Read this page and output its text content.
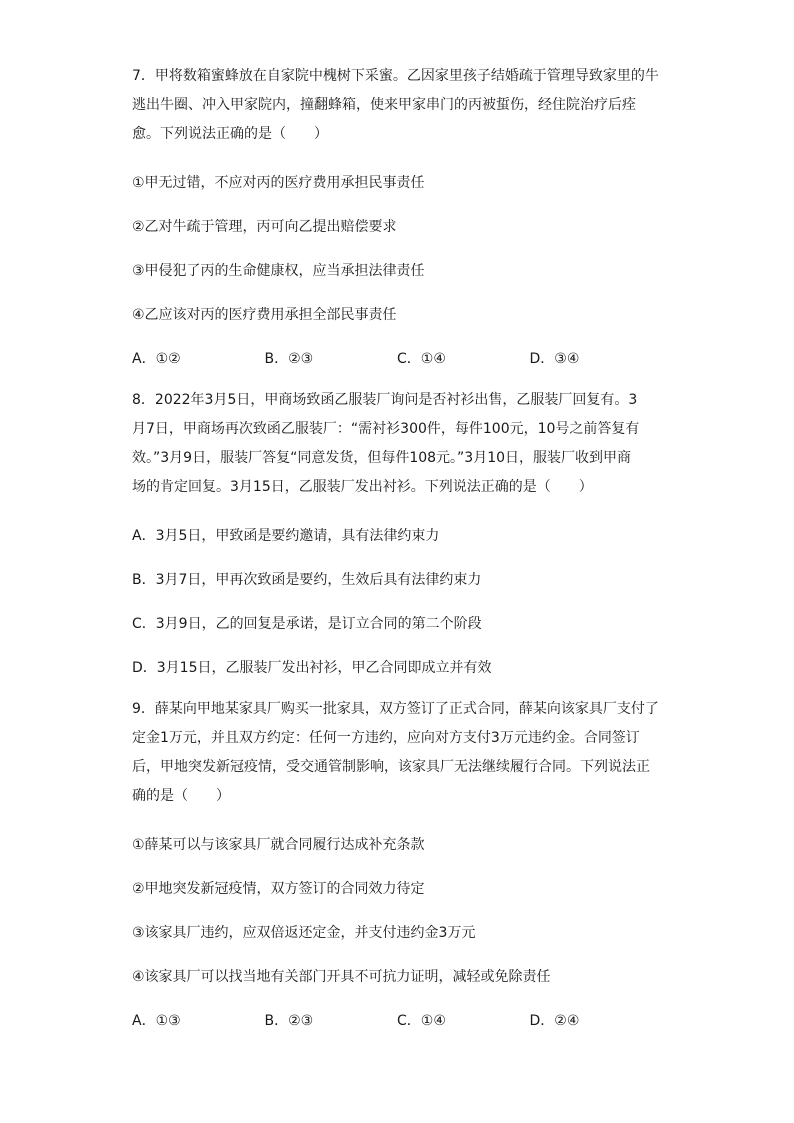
7．甲将数箱蜜蜂放在自家院中槐树下采蜜。乙因家里孩子结婚疏于管理导致家里的牛
逃出牛圈、冲入甲家院内，撞翻蜂箱，使来甲家串门的丙被蜇伤，经住院治疗后痊
愈。下列说法正确的是（　　）
①甲无过错，不应对丙的医疗费用承担民事责任
②乙对牛疏于管理，丙可向乙提出赔偿要求
③甲侵犯了丙的生命健康权，应当承担法律责任
④乙应该对丙的医疗费用承担全部民事责任
A．①②	B．②③	C．①④	D．③④
8．2022年3月5日，甲商场致函乙服装厂询问是否衬衫出售，乙服装厂回复有。3
月7日，甲商场再次致函乙服装厂：“需衬衫300件，每件100元，10号之前答复有
效。”3月9日，服装厂答复“同意发货，但每件108元。”3月10日，服装厂收到甲商
场的肯定回复。3月15日，乙服装厂发出衬衫。下列说法正确的是（　　）
A．3月5日，甲致函是要约邀请，具有法律约束力
B．3月7日，甲再次致函是要约，生效后具有法律约束力
C．3月9日，乙的回复是承诺，是订立合同的第二个阶段
D．3月15日，乙服装厂发出衬衫，甲乙合同即成立并有效
9．薛某向甲地某家具厂购买一批家具，双方签订了正式合同，薛某向该家具厂支付了
定金1万元，并且双方约定：任何一方违约，应向对方支付3万元违约金。合同签订
后，甲地突发新冠疫情，受交通管制影响，该家具厂无法继续履行合同。下列说法正
确的是（　　）
①薛某可以与该家具厂就合同履行达成补充条款
②甲地突发新冠疫情，双方签订的合同效力待定
③该家具厂违约，应双倍返还定金，并支付违约金3万元
④该家具厂可以找当地有关部门开具不可抗力证明，减轻或免除责任
A．①③	B．②③	C．①④	D．②④
